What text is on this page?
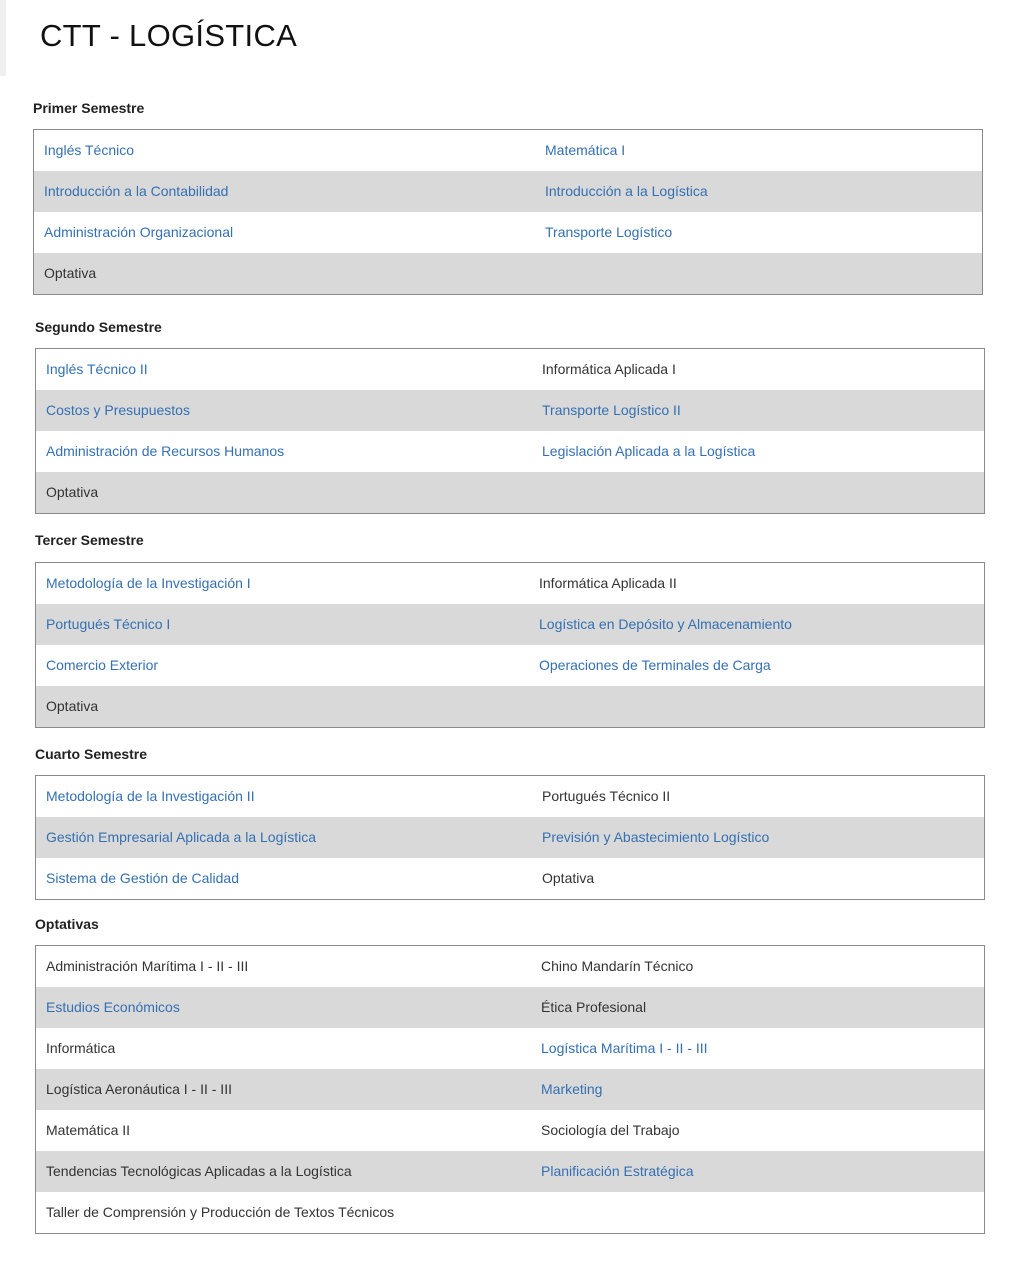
CTT - LOGÍSTICA
Primer Semestre
Inglés Técnico	Matemática I
Introducción a la Contabilidad	Introducción a la Logística
Administración Organizacional	Transporte Logístico
Optativa
Segundo Semestre
Inglés Técnico II	Informática Aplicada I
Costos y Presupuestos	Transporte Logístico II
Administración de Recursos Humanos	Legislación Aplicada a la Logística
Optativa
Tercer Semestre
Metodología de la Investigación I	Informática Aplicada II
Portugués Técnico I	Logística en Depósito y Almacenamiento
Comercio Exterior	Operaciones de Terminales de Carga
Optativa
Cuarto Semestre
Metodología de la Investigación II	Portugués Técnico II
Gestión Empresarial Aplicada a la Logística	Previsión y Abastecimiento Logístico
Sistema de Gestión de Calidad	Optativa
Optativas
Administración Marítima I - II - III	Chino Mandarín Técnico
Estudios Económicos	Ética Profesional
Informática	Logística Marítima I - II - III
Logística Aeronáutica I - II - III	Marketing
Matemática II	Sociología del Trabajo
Tendencias Tecnológicas Aplicadas a la Logística	Planificación Estratégica
Taller de Comprensión y Producción de Textos Técnicos
